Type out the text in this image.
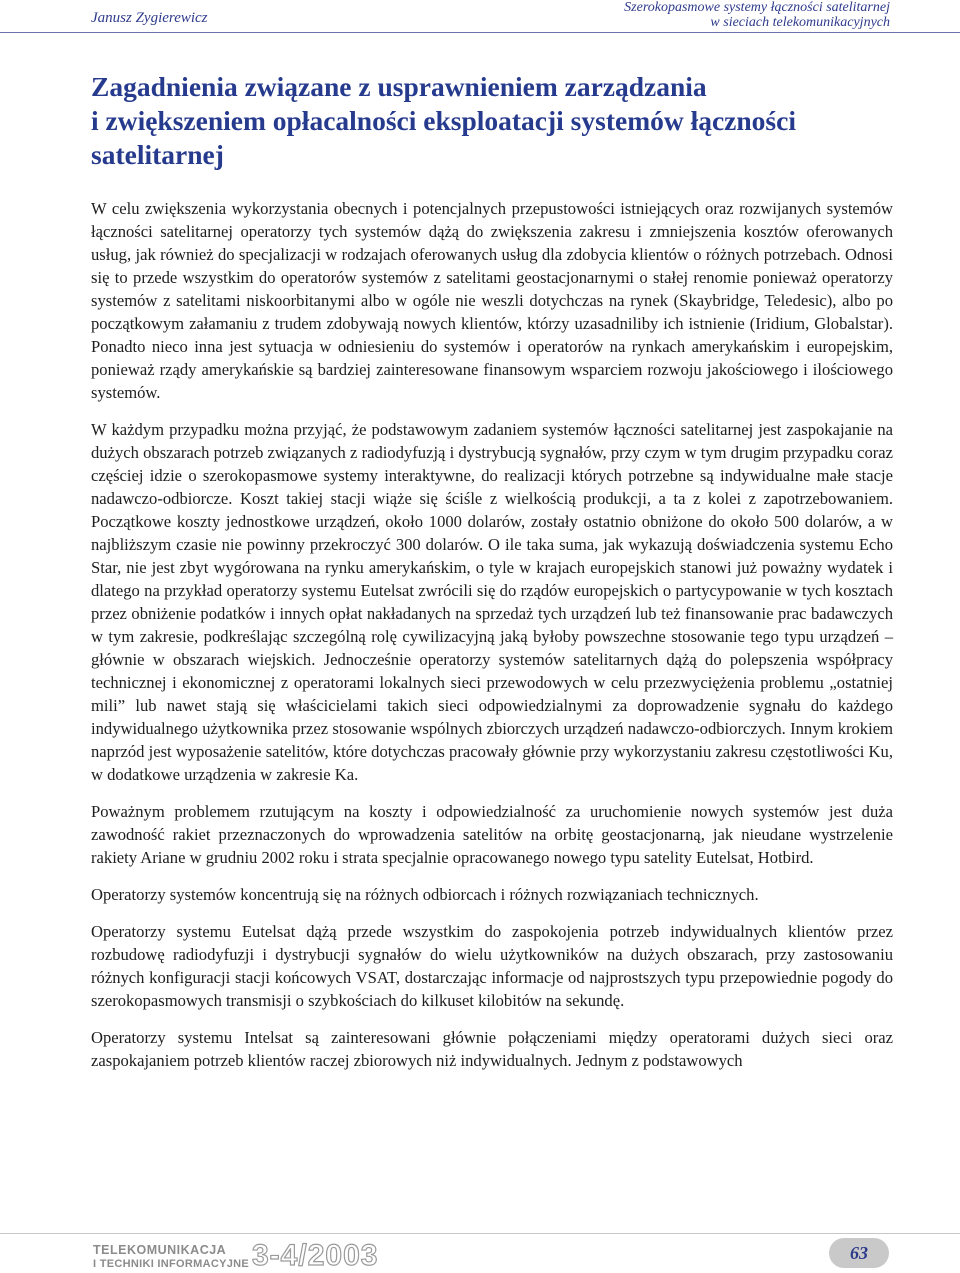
Janusz Zygierewicz
Szerokopasmowe systemy łączności satelitarnej
w sieciach telekomunikacyjnych
Zagadnienia związane z usprawnieniem zarządzania
i zwiększeniem opłacalności eksploatacji systemów łączności
satelitarnej

W celu zwiększenia wykorzystania obecnych i potencjalnych przepustowości istniejących oraz rozwijanych systemów łączności satelitarnej operatorzy tych systemów dążą do zwiększenia zakresu i zmniejszenia kosztów oferowanych usług, jak również do specjalizacji w rodzajach oferowanych usług dla zdobycia klientów o różnych potrzebach. Odnosi się to przede wszystkim do operatorów systemów z satelitami geostacjonarnymi o stałej renomie ponieważ operatorzy systemów z satelitami niskoorbitanymi albo w ogóle nie weszli dotychczas na rynek (Skaybridge, Teledesic), albo po początkowym załamaniu z trudem zdobywają nowych klientów, którzy uzasadniliby ich istnienie (Iridium, Globalstar). Ponadto nieco inna jest sytuacja w odniesieniu do systemów i operatorów na rynkach amerykańskim i europejskim, ponieważ rządy amerykańskie są bardziej zainteresowane finansowym wsparciem rozwoju jakościowego i ilościowego systemów.

W każdym przypadku można przyjąć, że podstawowym zadaniem systemów łączności satelitarnej jest zaspokajanie na dużych obszarach potrzeb związanych z radiodyfuzją i dystrybucją sygnałów, przy czym w tym drugim przypadku coraz częściej idzie o szerokopasmowe systemy interaktywne, do realizacji których potrzebne są indywidualne małe stacje nadawczo-odbiorcze. Koszt takiej stacji wiąże się ściśle z wielkością produkcji, a ta z kolei z zapotrzebowaniem. Początkowe koszty jednostkowe urządzeń, około 1000 dolarów, zostały ostatnio obniżone do około 500 dolarów, a w najbliższym czasie nie powinny przekroczyć 300 dolarów. O ile taka suma, jak wykazują doświadczenia systemu Echo Star, nie jest zbyt wygórowana na rynku amerykańskim, o tyle w krajach europejskich stanowi już poważny wydatek i dlatego na przykład operatorzy systemu Eutelsat zwrócili się do rządów europejskich o partycypowanie w tych kosztach przez obniżenie podatków i innych opłat nakładanych na sprzedaż tych urządzeń lub też finansowanie prac badawczych w tym zakresie, podkreślając szczególną rolę cywilizacyjną jaką byłoby powszechne stosowanie tego typu urządzeń – głównie w obszarach wiejskich. Jednocześnie operatorzy systemów satelitarnych dążą do polepszenia współpracy technicznej i ekonomicznej z operatorami lokalnych sieci przewodowych w celu przezwyciężenia problemu „ostatniej mili” lub nawet stają się właścicielami takich sieci odpowiedzialnymi za doprowadzenie sygnału do każdego indywidualnego użytkownika przez stosowanie wspólnych zbiorczych urządzeń nadawczo-odbiorczych. Innym krokiem naprzód jest wyposażenie satelitów, które dotychczas pracowały głównie przy wykorzystaniu zakresu częstotliwości Ku, w dodatkowe urządzenia w zakresie Ka.

Poważnym problemem rzutującym na koszty i odpowiedzialność za uruchomienie nowych systemów jest duża zawodność rakiet przeznaczonych do wprowadzenia satelitów na orbitę geostacjonarną, jak nieudane wystrzelenie rakiety Ariane w grudniu 2002 roku i strata specjalnie opracowanego nowego typu satelity Eutelsat, Hotbird.

Operatorzy systemów koncentrują się na różnych odbiorcach i różnych rozwiązaniach technicznych.

Operatorzy systemu Eutelsat dążą przede wszystkim do zaspokojenia potrzeb indywidualnych klientów przez rozbudowę radiodyfuzji i dystrybucji sygnałów do wielu użytkowników na dużych obszarach, przy zastosowaniu różnych konfiguracji stacji końcowych VSAT, dostarczając informacje od najprostszych typu przepowiednie pogody do szerokopasmowych transmisji o szybkościach do kilkuset kilobitów na sekundę.

Operatorzy systemu Intelsat są zainteresowani głównie połączeniami między operatorami dużych sieci oraz zaspokajaniem potrzeb klientów raczej zbiorowych niż indywidualnych. Jednym z podstawowych

TELEKOMUNIKACJA
I TECHNIKI INFORMACYJNE 3-4/2003	63
